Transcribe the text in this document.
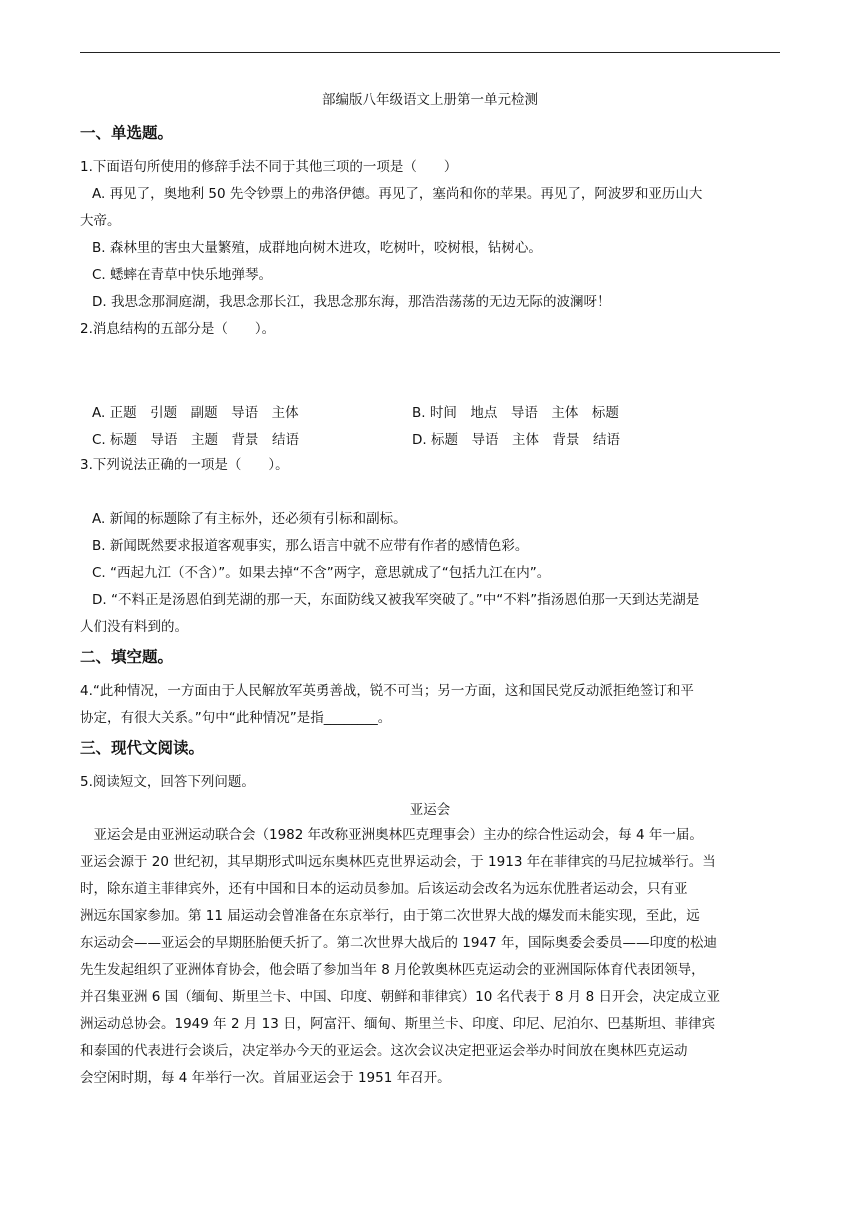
部编版八年级语文上册第一单元检测
一、单选题。
1.下面语句所使用的修辞手法不同于其他三项的一项是（　　）
A. 再见了，奥地利 50 先令钞票上的弗洛伊德。再见了，塞尚和你的苹果。再见了，阿波罗和亚历山大
大帝。
B. 森林里的害虫大量繁殖，成群地向树木进攻，吃树叶，咬树根，钻树心。
C. 蟋蟀在青草中快乐地弹琴。
D. 我思念那洞庭湖，我思念那长江，我思念那东海，那浩浩荡荡的无边无际的波澜呀！
2.消息结构的五部分是（　　）。
A. 正题　引题　副题　导语　主体	B. 时间　地点　导语　主体　标题
C. 标题　导语　主题　背景　结语	D. 标题　导语　主体　背景　结语
3.下列说法正确的一项是（　　）。
A. 新闻的标题除了有主标外，还必须有引标和副标。
B. 新闻既然要求报道客观事实，那么语言中就不应带有作者的感情色彩。
C. “西起九江（不含）”。如果去掉“不含”两字，意思就成了“包括九江在内”。
D. “不料正是汤恩伯到芜湖的那一天，东面防线又被我军突破了。”中“不料”指汤恩伯那一天到达芜湖是
人们没有料到的。
二、填空题。
4.“此种情况，一方面由于人民解放军英勇善战，锐不可当；另一方面，这和国民党反动派拒绝签订和平
协定，有很大关系。”句中“此种情况”是指________。
三、现代文阅读。
5.阅读短文，回答下列问题。
亚运会
　亚运会是由亚洲运动联合会（1982 年改称亚洲奥林匹克理事会）主办的综合性运动会，每 4 年一届。
亚运会源于 20 世纪初，其早期形式叫远东奥林匹克世界运动会，于 1913 年在菲律宾的马尼拉城举行。当
时，除东道主菲律宾外，还有中国和日本的运动员参加。后该运动会改名为远东优胜者运动会，只有亚
洲远东国家参加。第 11 届运动会曾准备在东京举行，由于第二次世界大战的爆发而未能实现，至此，远
东运动会——亚运会的早期胚胎便夭折了。第二次世界大战后的 1947 年，国际奥委会委员——印度的松迪
先生发起组织了亚洲体育协会，他会晤了参加当年 8 月伦敦奥林匹克运动会的亚洲国际体育代表团领导，
并召集亚洲 6 国（缅甸、斯里兰卡、中国、印度、朝鲜和菲律宾）10 名代表于 8 月 8 日开会，决定成立亚
洲运动总协会。1949 年 2 月 13 日，阿富汗、缅甸、斯里兰卡、印度、印尼、尼泊尔、巴基斯坦、菲律宾
和泰国的代表进行会谈后，决定举办今天的亚运会。这次会议决定把亚运会举办时间放在奥林匹克运动
会空闲时期，每 4 年举行一次。首届亚运会于 1951 年召开。
